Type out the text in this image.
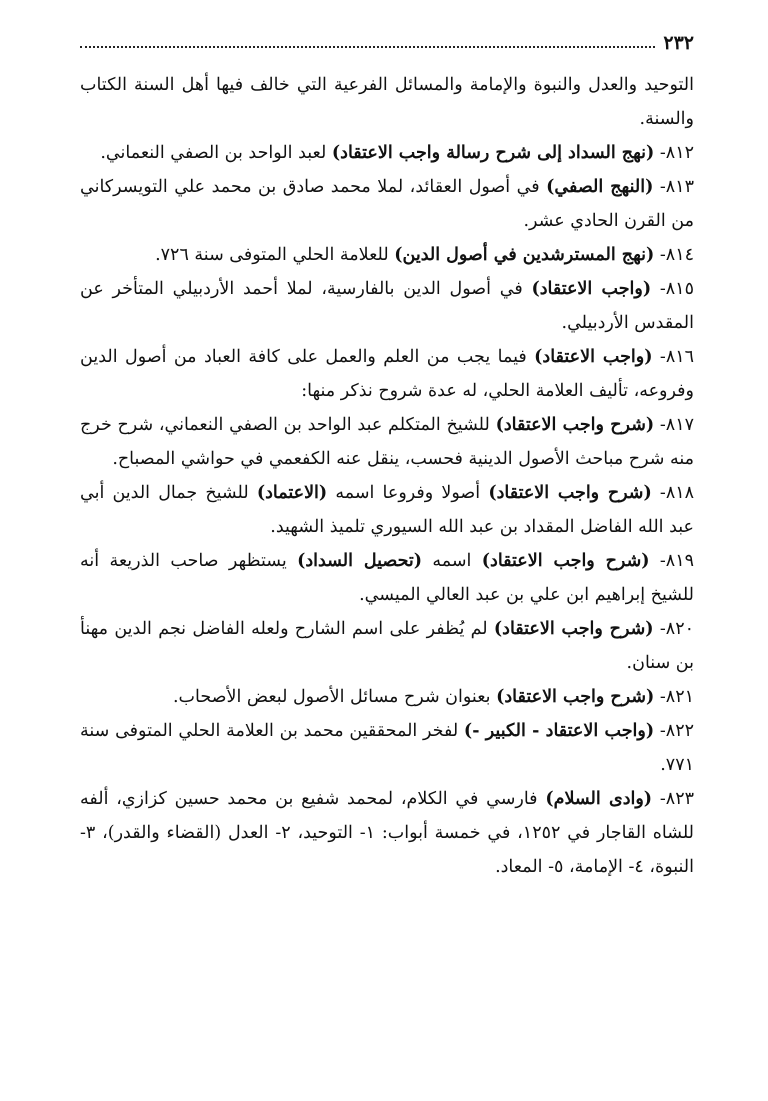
٢٣٢

التوحيد والعدل والنبوة والإمامة والمسائل الفرعية التي خالف فيها أهل السنة الكتاب والسنة.

٨١٢- (نهج السداد إلى شرح رسالة واجب الاعتقاد) لعبد الواحد بن الصفي النعماني.

٨١٣- (النهج الصفي) في أصول العقائد، لملا محمد صادق بن محمد علي التويسركاني من القرن الحادي عشر.

٨١٤- (نهج المسترشدين في أصول الدين) للعلامة الحلي المتوفى سنة ٧٢٦.

٨١٥- (واجب الاعتقاد) في أصول الدين بالفارسية، لملا أحمد الأردبيلي المتأخر عن المقدس الأردبيلي.

٨١٦- (واجب الاعتقاد) فيما يجب من العلم والعمل على كافة العباد من أصول الدين وفروعه، تأليف العلامة الحلي، له عدة شروح نذكر منها:

٨١٧- (شرح واجب الاعتقاد) للشيخ المتكلم عبد الواحد بن الصفي النعماني، شرح خرج منه شرح مباحث الأصول الدينية فحسب، ينقل عنه الكفعمي في حواشي المصباح.

٨١٨- (شرح واجب الاعتقاد) أصولا وفروعا اسمه (الاعتماد) للشيخ جمال الدين أبي عبد الله الفاضل المقداد بن عبد الله السيوري تلميذ الشهيد.

٨١٩- (شرح واجب الاعتقاد) اسمه (تحصيل السداد) يستظهر صاحب الذريعة أنه للشيخ إبراهيم ابن علي بن عبد العالي الميسي.

٨٢٠- (شرح واجب الاعتقاد) لم يُظفر على اسم الشارح ولعله الفاضل نجم الدين مهنأ بن سنان.

٨٢١- (شرح واجب الاعتقاد) بعنوان شرح مسائل الأصول لبعض الأصحاب.

٨٢٢- (واجب الاعتقاد - الكبير -) لفخر المحققين محمد بن العلامة الحلي المتوفى سنة ٧٧١.

٨٢٣- (وادى السلام) فارسي في الكلام، لمحمد شفيع بن محمد حسين كزازي، ألفه للشاه القاجار في ١٢٥٢، في خمسة أبواب: ١- التوحيد، ٢- العدل (القضاء والقدر)، ٣- النبوة، ٤- الإمامة، ٥- المعاد.
